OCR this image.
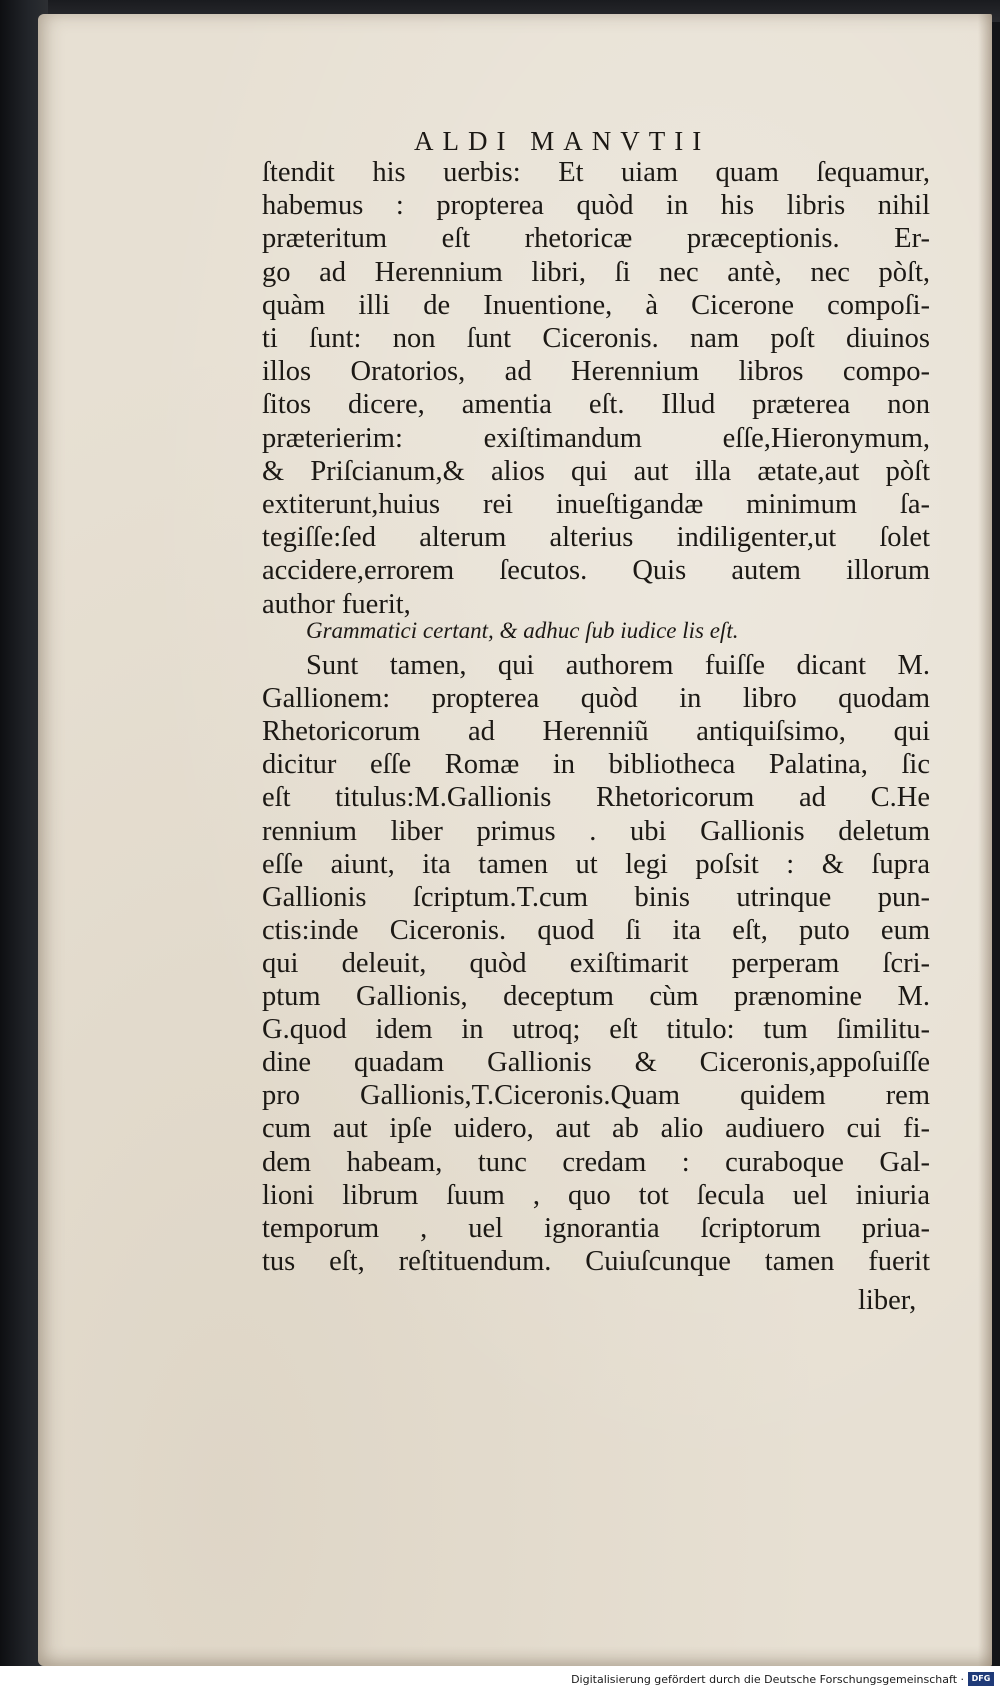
ALDI MANVTII
ſtendit his uerbis: Et uiam quam ſequamur,
habemus : propterea quòd in his libris nihil
præteritum eſt rhetoricæ præceptionis. Er-
go ad Herennium libri, ſi nec antè, nec pòſt,
quàm illi de Inuentione, à Cicerone compoſi-
ti ſunt: non ſunt Ciceronis. nam poſt diuinos
illos Oratorios, ad Herennium libros compo-
ſitos dicere, amentia eſt. Illud præterea non
præterierim: exiſtimandum eſſe,Hieronymum,
& Priſcianum,& alios qui aut illa ætate,aut pòſt
extiterunt,huius rei inueſtigandæ minimum ſa-
tegiſſe:ſed alterum alterius indiligenter,ut ſolet
accidere,errorem ſecutos. Quis autem illorum
author fuerit,
Sunt tamen, qui authorem fuiſſe dicant M.
Gallionem: propterea quòd in libro quodam
Rhetoricorum ad Herenniũ antiquiſsimo, qui
dicitur eſſe Romæ in bibliotheca Palatina, ſic
eſt titulus:M.Gallionis Rhetoricorum ad C.He
rennium liber primus . ubi Gallionis deletum
eſſe aiunt, ita tamen ut legi poſsit : & ſupra
Gallionis ſcriptum.T.cum binis utrinque pun-
ctis:inde Ciceronis. quod ſi ita eſt, puto eum
qui deleuit, quòd exiſtimarit perperam ſcri-
ptum Gallionis, deceptum cùm prænomine M.
G.quod idem in utroq; eſt titulo: tum ſimilitu-
dine quadam Gallionis & Ciceronis,appoſuiſſe
pro Gallionis,T.Ciceronis.Quam quidem rem
cum aut ipſe uidero, aut ab alio audiuero cui fi-
dem habeam, tunc credam : curaboque Gal-
lioni librum ſuum , quo tot ſecula uel iniuria
temporum , uel ignorantia ſcriptorum priua-
tus eſt, reſtituendum. Cuiuſcunque tamen fuerit
Grammatici certant, & adhuc ſub iudice lis eſt.
liber,
Digitalisierung gefördert durch die Deutsche Forschungsgemeinschaft · DFG
